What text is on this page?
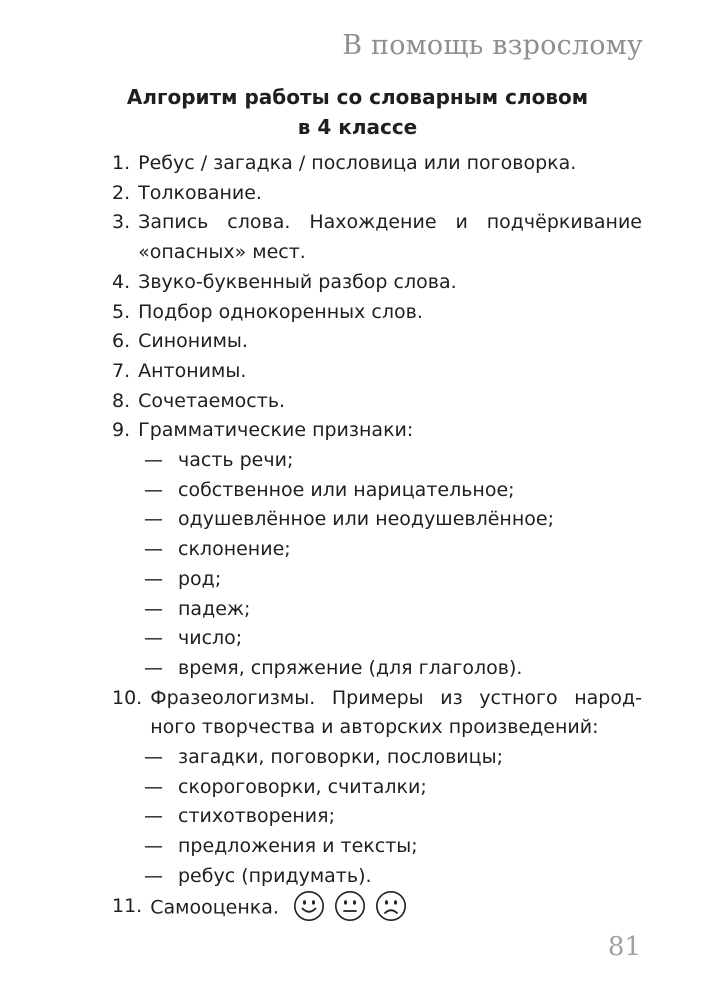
В помощь взрослому
Алгоритм работы со словарным словом
в 4 классе
1. Ребус / загадка / пословица или поговорка.
2. Толкование.
3. Запись слова. Нахождение и подчёркивание
«опасных» мест.
4. Звуко-буквенный разбор слова.
5. Подбор однокоренных слов.
6. Синонимы.
7. Антонимы.
8. Сочетаемость.
9. Грамматические признаки:
— часть речи;
— собственное или нарицательное;
— одушевлённое или неодушевлённое;
— склонение;
— род;
— падеж;
— число;
— время, спряжение (для глаголов).
10. Фразеологизмы. Примеры из устного народ-
ного творчества и авторских произведений:
— загадки, поговорки, пословицы;
— скороговорки, считалки;
— стихотворения;
— предложения и тексты;
— ребус (придумать).
11. Самооценка.
81
